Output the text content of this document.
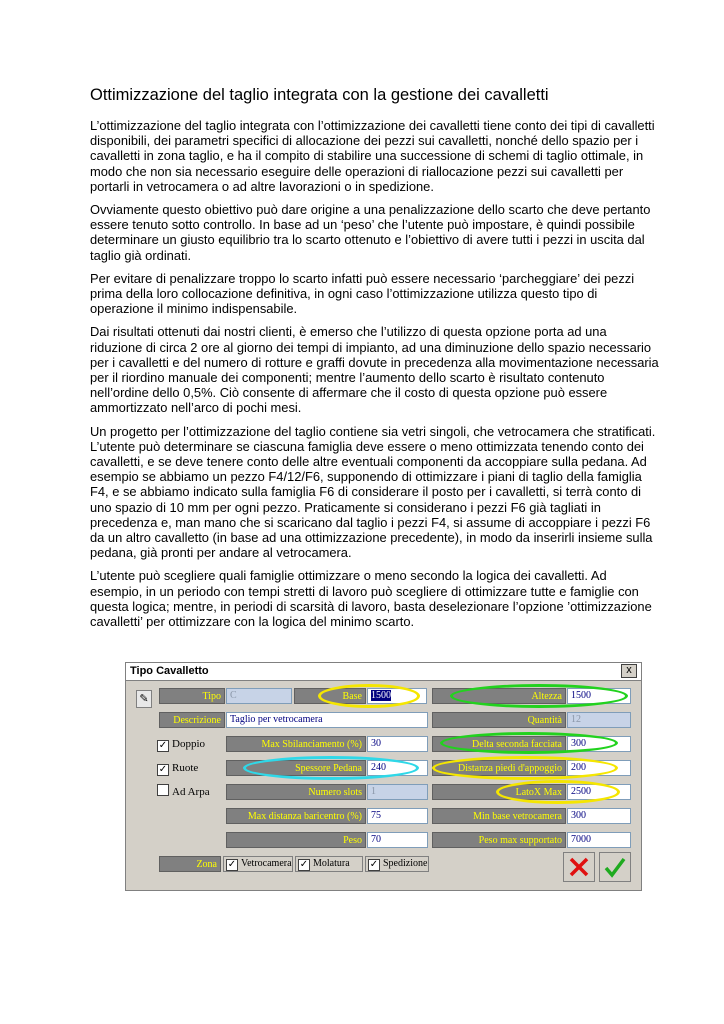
Ottimizzazione del taglio integrata con la gestione dei cavalletti

L’ottimizzazione del taglio integrata con l’ottimizzazione dei cavalletti tiene conto dei tipi di cavalletti disponibili, dei parametri specifici di allocazione dei pezzi sui cavalletti, nonché dello spazio per i cavalletti in zona taglio, e ha il compito di stabilire una successione di schemi di taglio ottimale, in modo che non sia necessario eseguire delle operazioni di riallocazione pezzi sui cavalletti per portarli in vetrocamera o ad altre lavorazioni o in spedizione.

Ovviamente questo obiettivo può dare origine a una penalizzazione dello scarto che deve pertanto essere tenuto sotto controllo. In base ad un ‘peso’ che l’utente può impostare, è quindi possibile determinare un giusto equilibrio tra lo scarto ottenuto e l’obiettivo di avere tutti i pezzi in uscita dal taglio già ordinati.

Per evitare di penalizzare troppo lo scarto infatti può essere necessario ‘parcheggiare’ dei pezzi prima della loro collocazione definitiva, in ogni caso l’ottimizzazione utilizza questo tipo di operazione il minimo indispensabile.

Dai risultati ottenuti dai nostri clienti, è emerso che l’utilizzo di questa opzione porta ad una riduzione di circa 2 ore al giorno dei tempi di impianto, ad una diminuzione dello spazio necessario per i cavalletti e del numero di rotture e graffi dovute in precedenza alla movimentazione necessaria per il riordino manuale dei componenti; mentre l’aumento dello scarto è risultato contenuto nell’ordine dello 0,5%. Ciò consente di affermare che il costo di questa opzione può essere ammortizzato nell’arco di pochi mesi.

Un progetto per l’ottimizzazione del taglio contiene sia vetri singoli, che vetrocamera che stratificati. L’utente può determinare se ciascuna famiglia deve essere o meno ottimizzata tenendo conto dei cavalletti, e se deve tenere conto delle altre eventuali componenti da accoppiare sulla pedana. Ad esempio se abbiamo un pezzo F4/12/F6, supponendo di ottimizzare i piani di taglio della famiglia F4, e se abbiamo indicato sulla famiglia F6 di considerare il posto per i cavalletti, si terrà conto di uno spazio di 10 mm per ogni pezzo. Praticamente si considerano i pezzi F6 già tagliati in precedenza e, man mano che si scaricano dal taglio i pezzi F4, si assume di accoppiare i pezzi F6 da un altro cavalletto (in base ad una ottimizzazione precedente), in modo da inserirli insieme sulla pedana, già pronti per andare al vetrocamera.

L’utente può scegliere quali famiglie ottimizzare o meno secondo la logica dei cavalletti. Ad esempio, in un periodo con tempi stretti di lavoro può scegliere di ottimizzare tutte e famiglie con questa logica; mentre, in periodi di scarsità di lavoro, basta deselezionare l’opzione ’ottimizzazione cavalletti’ per ottimizzare con la logica del minimo scarto.

Tipo Cavalletto	x
✎	Tipo C	Base 1500	Altezza 1500
Descrizione Taglio per vetrocamera	Quantità 12
✓ Doppio	Max Sbilanciamento (%) 30	Delta seconda facciata 300
✓ Ruote	Spessore Pedana 240	Distanza piedi d'appoggio 200
Ad Arpa	Numero slots 1	LatoX Max 2500
Max distanza baricentro (%) 75	Min base vetrocamera 300
Peso 70	Peso max supportato 7000
Zona	✓ Vetrocamera ✓ Molatura	✓ Spedizione
